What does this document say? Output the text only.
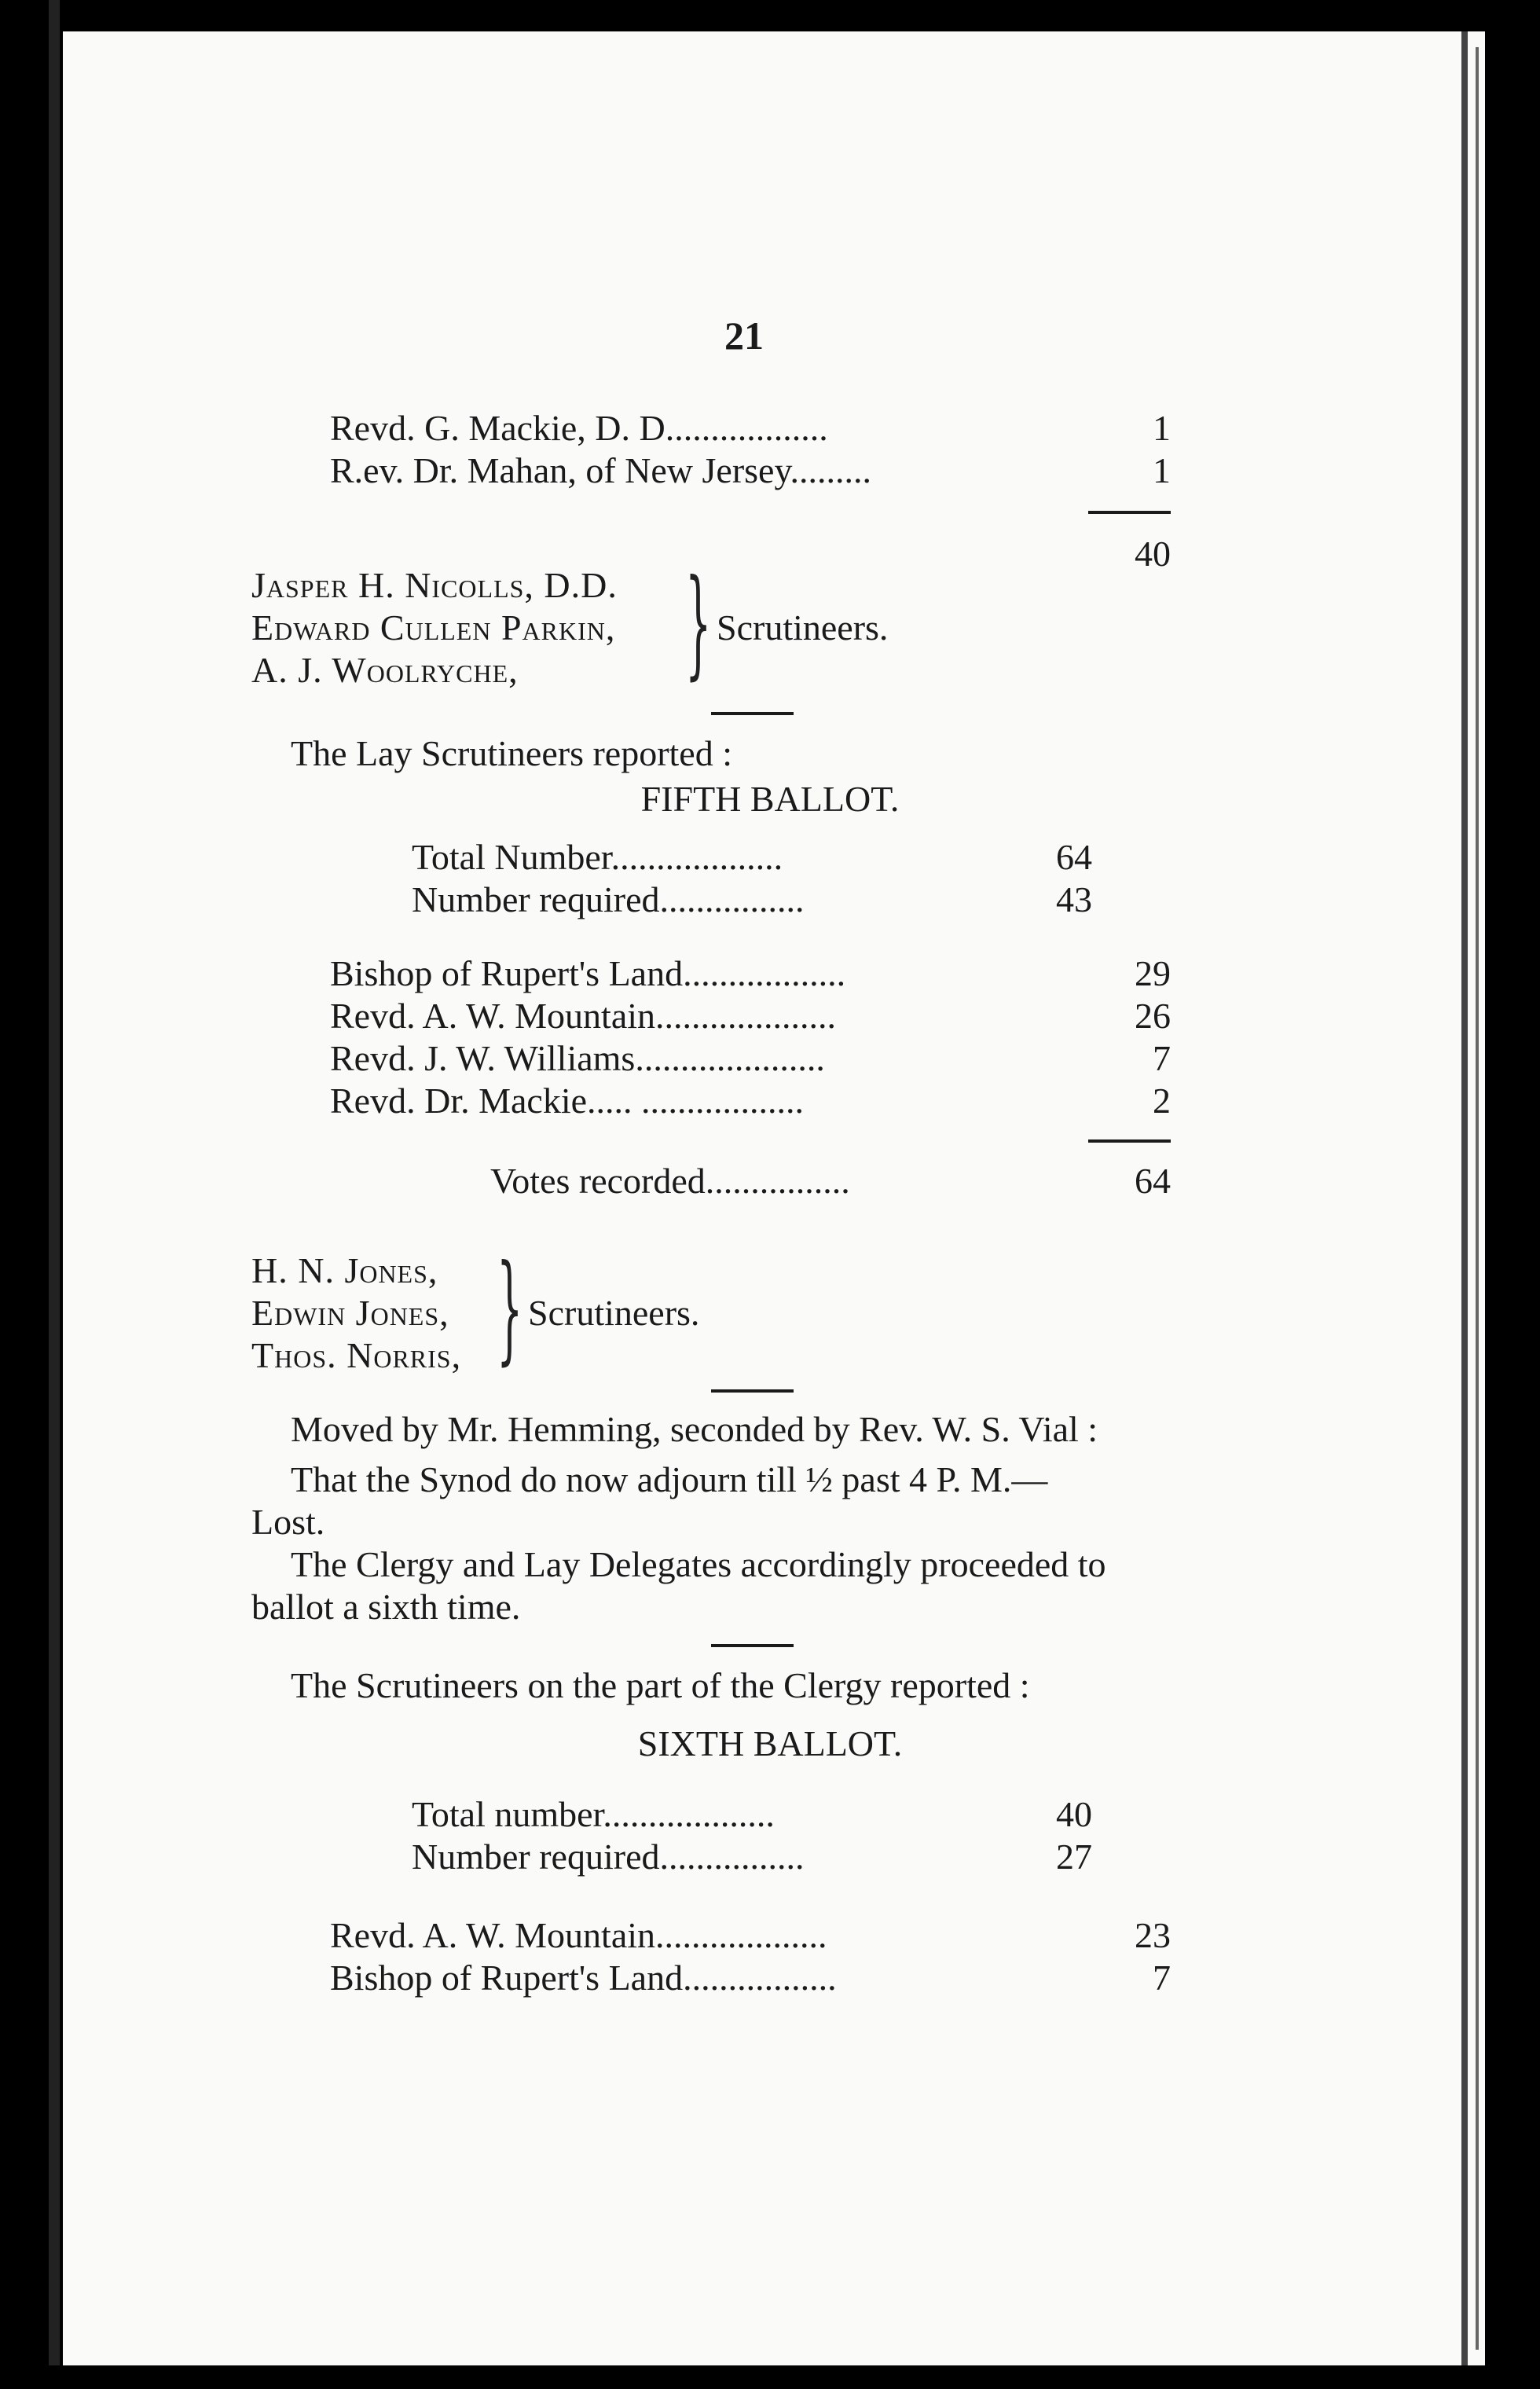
21
Revd. G. Mackie, D. D..................	1
R.ev. Dr. Mahan, of New Jersey.........	1
40
Jasper H. Nicolls, D.D.
Edward Cullen Parkin,
A. J. Woolryche, } Scrutineers.
The Lay Scrutineers reported :
FIFTH BALLOT.
Total Number...................	64
Number required................	43
Bishop of Rupert's Land..................	29
Revd. A. W. Mountain....................	26
Revd. J. W. Williams.....................	7
Revd. Dr. Mackie..... ..................	2
Votes recorded................	64
H. N. Jones,
Edwin Jones,
Thos. Norris, } Scrutineers.
Moved by Mr. Hemming, seconded by Rev. W. S. Vial :
That the Synod do now adjourn till ½ past 4 P. M.—
Lost.
The Clergy and Lay Delegates accordingly proceeded to
ballot a sixth time.
The Scrutineers on the part of the Clergy reported :
SIXTH BALLOT.
Total number...................	40
Number required................	27
Revd. A. W. Mountain...................	23
Bishop of Rupert's Land.................	7
